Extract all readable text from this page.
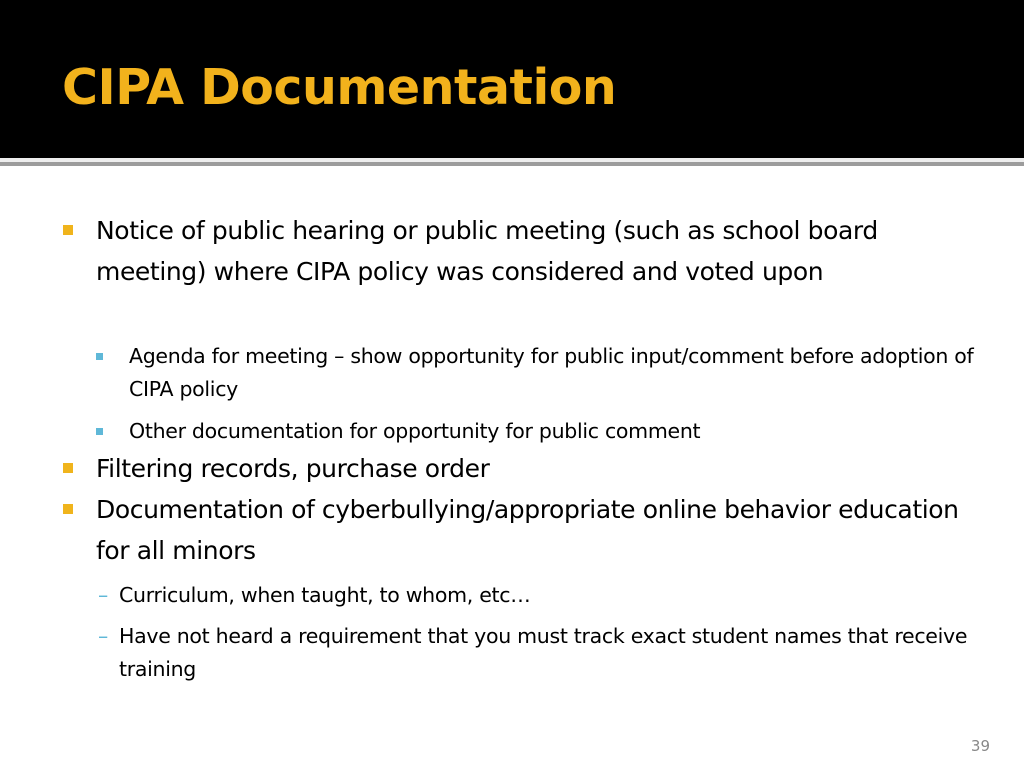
CIPA Documentation
Notice of public hearing or public meeting (such as school board meeting) where CIPA policy was considered and voted upon
Agenda for meeting – show opportunity for public input/comment before adoption of CIPA policy
Other documentation for opportunity for public comment
Filtering records, purchase order
Documentation of cyberbullying/appropriate online behavior education for all minors
– Curriculum, when taught, to whom, etc…
– Have not heard a requirement that you must track exact student names that receive training
39
